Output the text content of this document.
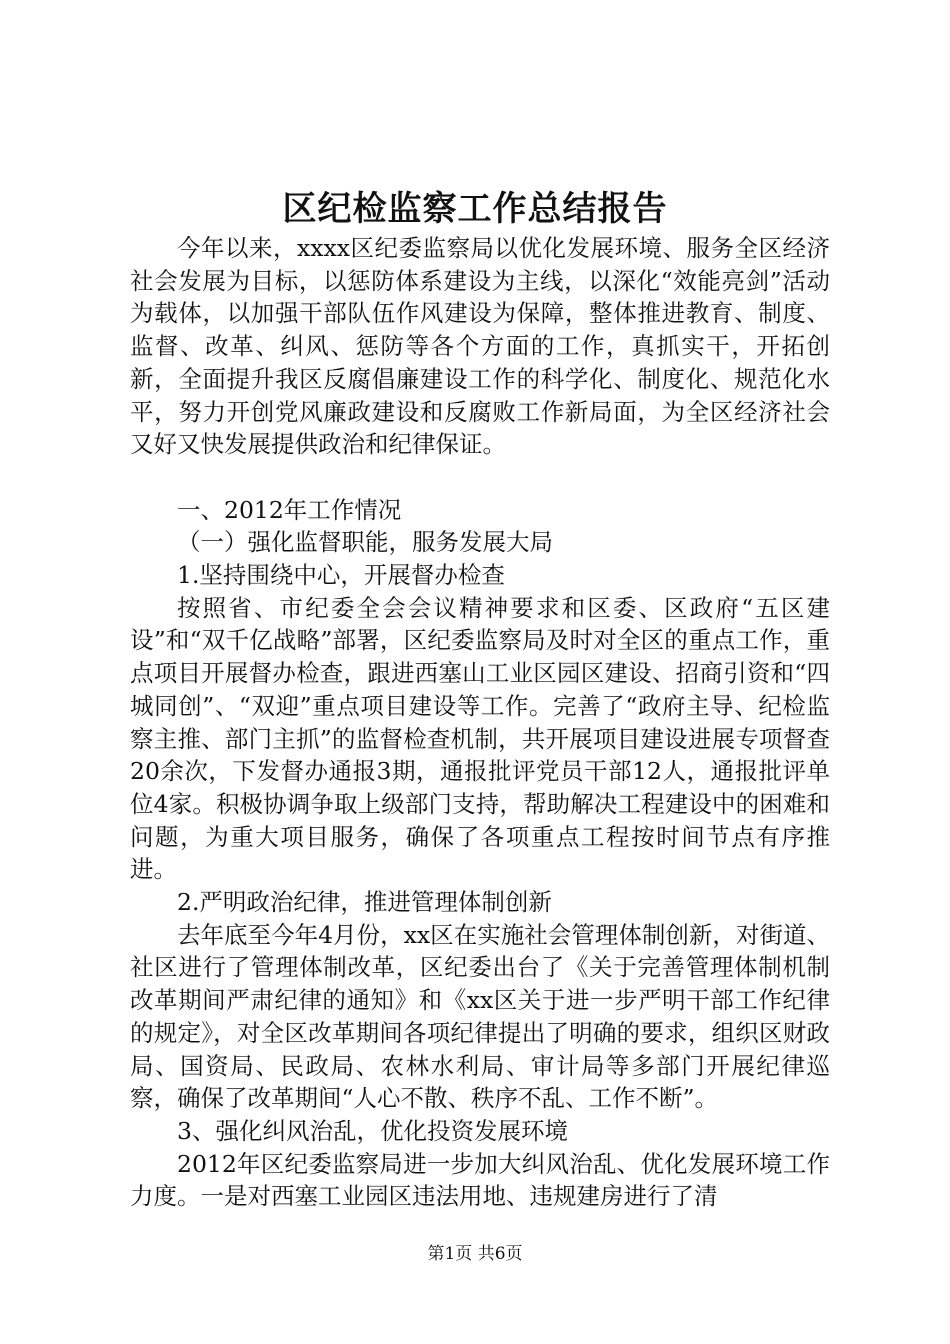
区纪检监察工作总结报告

今年以来，xxxx区纪委监察局以优化发展环境、服务全区经济社会发展为目标，以惩防体系建设为主线，以深化“效能亮剑”活动为载体，以加强干部队伍作风建设为保障，整体推进教育、制度、监督、改革、纠风、惩防等各个方面的工作，真抓实干，开拓创新，全面提升我区反腐倡廉建设工作的科学化、制度化、规范化水平，努力开创党风廉政建设和反腐败工作新局面，为全区经济社会又好又快发展提供政治和纪律保证。

一、2012年工作情况

（一）强化监督职能，服务发展大局

1.坚持围绕中心，开展督办检查

按照省、市纪委全会会议精神要求和区委、区政府“五区建设”和“双千亿战略”部署，区纪委监察局及时对全区的重点工作，重点项目开展督办检查，跟进西塞山工业区园区建设、招商引资和“四城同创”、“双迎”重点项目建设等工作。完善了“政府主导、纪检监察主推、部门主抓”的监督检查机制，共开展项目建设进展专项督查20余次，下发督办通报3期，通报批评党员干部12人，通报批评单位4家。积极协调争取上级部门支持，帮助解决工程建设中的困难和问题，为重大项目服务，确保了各项重点工程按时间节点有序推进。

2.严明政治纪律，推进管理体制创新

去年底至今年4月份，xx区在实施社会管理体制创新，对街道、社区进行了管理体制改革，区纪委出台了《关于完善管理体制机制改革期间严肃纪律的通知》和《xx区关于进一步严明干部工作纪律的规定》，对全区改革期间各项纪律提出了明确的要求，组织区财政局、国资局、民政局、农林水利局、审计局等多部门开展纪律巡察，确保了改革期间“人心不散、秩序不乱、工作不断”。

3、强化纠风治乱，优化投资发展环境

2012年区纪委监察局进一步加大纠风治乱、优化发展环境工作力度。一是对西塞工业园区违法用地、违规建房进行了清

第1页 共6页
